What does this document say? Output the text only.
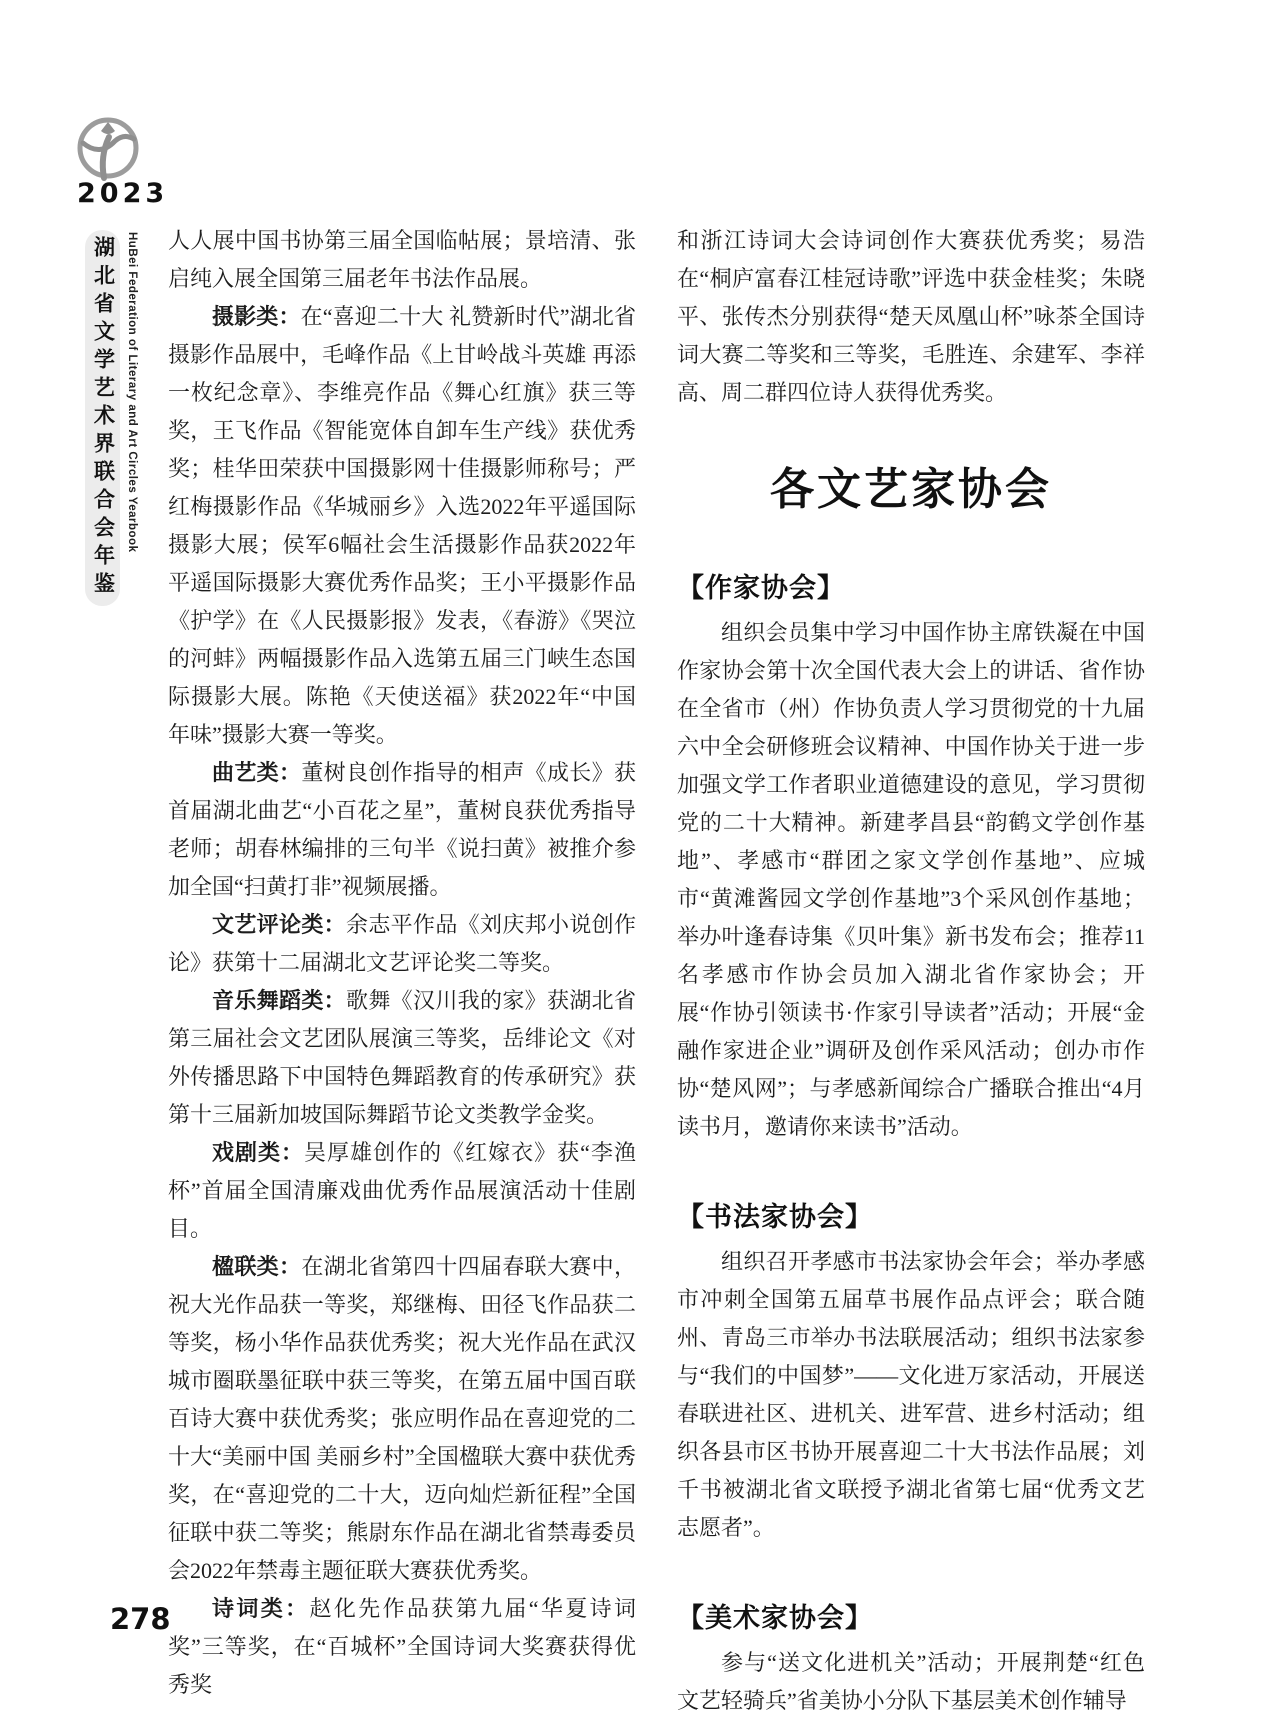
2023
湖北省文学艺术界联合会年鉴 HuBei Federation of Literary and Art Circles Yearbook 人人展中国书协第三届全国临帖展；景培清、张启纯入展全国第三届老年书法作品展。

摄影类：在“喜迎二十大 礼赞新时代”湖北省摄影作品展中，毛峰作品《上甘岭战斗英雄 再添一枚纪念章》、李维亮作品《舞心红旗》获三等奖，王飞作品《智能宽体自卸车生产线》获优秀奖；桂华田荣获中国摄影网十佳摄影师称号；严红梅摄影作品《华城丽乡》入选2022年平遥国际摄影大展；侯军6幅社会生活摄影作品获2022年平遥国际摄影大赛优秀作品奖；王小平摄影作品《护学》在《人民摄影报》发表，《春游》《哭泣的河蚌》两幅摄影作品入选第五届三门峡生态国际摄影大展。陈艳《天使送福》获2022年“中国年味”摄影大赛一等奖。

曲艺类：董树良创作指导的相声《成长》获首届湖北曲艺“小百花之星”，董树良获优秀指导老师；胡春林编排的三句半《说扫黄》被推介参加全国“扫黄打非”视频展播。

文艺评论类：余志平作品《刘庆邦小说创作论》获第十二届湖北文艺评论奖二等奖。

音乐舞蹈类：歌舞《汉川我的家》获湖北省第三届社会文艺团队展演三等奖，岳绯论文《对外传播思路下中国特色舞蹈教育的传承研究》获第十三届新加坡国际舞蹈节论文类教学金奖。

戏剧类：吴厚雄创作的《红嫁衣》获“李渔杯”首届全国清廉戏曲优秀作品展演活动十佳剧目。

楹联类：在湖北省第四十四届春联大赛中，祝大光作品获一等奖，郑继梅、田径飞作品获二等奖，杨小华作品获优秀奖；祝大光作品在武汉城市圈联墨征联中获三等奖，在第五届中国百联百诗大赛中获优秀奖；张应明作品在喜迎党的二十大“美丽中国 美丽乡村”全国楹联大赛中获优秀奖，在“喜迎党的二十大，迈向灿烂新征程”全国征联中获二等奖；熊尉东作品在湖北省禁毒委员会2022年禁毒主题征联大赛获优秀奖。

诗词类：赵化先作品获第九届“华夏诗词奖”三等奖，在“百城杯”全国诗词大奖赛获得优秀奖

和浙江诗词大会诗词创作大赛获优秀奖；易浩在“桐庐富春江桂冠诗歌”评选中获金桂奖；朱晓平、张传杰分别获得“楚天凤凰山杯”咏茶全国诗词大赛二等奖和三等奖，毛胜连、余建军、李祥高、周二群四位诗人获得优秀奖。

各文艺家协会
【作家协会】

组织会员集中学习中国作协主席铁凝在中国作家协会第十次全国代表大会上的讲话、省作协在全省市（州）作协负责人学习贯彻党的十九届六中全会研修班会议精神、中国作协关于进一步加强文学工作者职业道德建设的意见，学习贯彻党的二十大精神。新建孝昌县“韵鹤文学创作基地”、孝感市“群团之家文学创作基地”、应城市“黄滩酱园文学创作基地”3个采风创作基地；举办叶逢春诗集《贝叶集》新书发布会；推荐11名孝感市作协会员加入湖北省作家协会；开展“作协引领读书·作家引导读者”活动；开展“金融作家进企业”调研及创作采风活动；创办市作协“楚风网”；与孝感新闻综合广播联合推出“4月读书月，邀请你来读书”活动。

【书法家协会】

组织召开孝感市书法家协会年会；举办孝感市冲刺全国第五届草书展作品点评会；联合随州、青岛三市举办书法联展活动；组织书法家参与“我们的中国梦”——文化进万家活动，开展送春联进社区、进机关、进军营、进乡村活动；组织各县市区书协开展喜迎二十大书法作品展；刘千书被湖北省文联授予湖北省第七届“优秀文艺志愿者”。

【美术家协会】

参与“送文化进机关”活动；开展荆楚“红色文艺轻骑兵”省美协小分队下基层美术创作辅导

278
